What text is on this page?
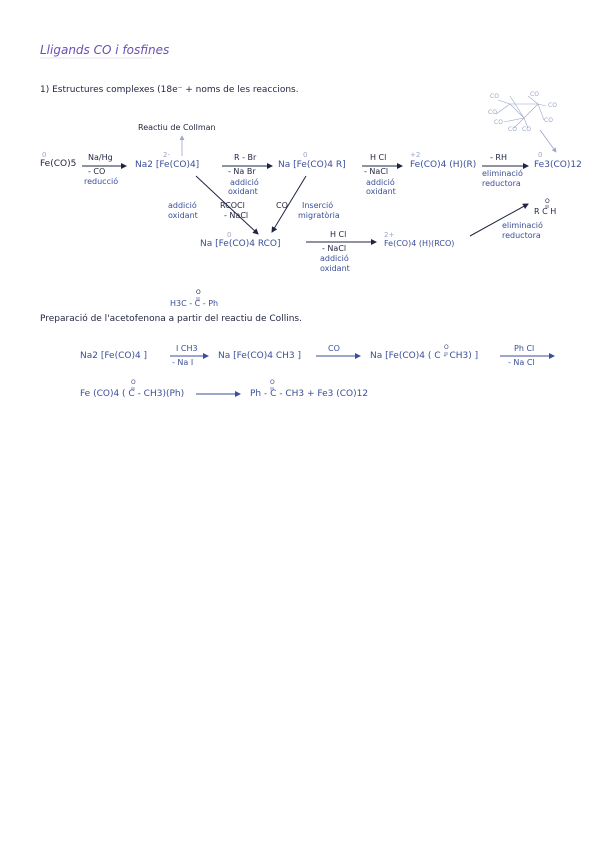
Lligands CO i fosfines
1) Estructures complexes (18e⁻ + noms de les reaccions.
Reactiu de Collman
Fe(CO)5	Na2 [Fe(CO)4]	Na [Fe(CO)4 R]	Fe(CO)4 (H)(R)	Fe3(CO)12
0	2-	0	+2	0
0	2+
Na/Hg
- CO
reducció
R - Br
- Na Br
addició
oxidant
H Cl
- NaCl
addició
oxidant
- RH
eliminació
reductora
CO	CO
CO
CO
CO
CO CO
CO
addició
oxidant
RCOCl
- NaCl
CO Inserció
migratòria
Na [Fe(CO)4 RCO]
H Cl
- NaCl
addició
oxidant
Fe(CO)4 (H)(RCO)
O
R C H
eliminació
reductora
O
H3C - C - Ph
Preparació de l'acetofenona a partir del reactiu de Collins.
Na2 [Fe(CO)4 ]
I CH3
- Na I
Na [Fe(CO)4 CH3 ]
CO	O
Na [Fe(CO)4 ( C - CH3) ]
Ph Cl
- Na Cl
O
Fe (CO)4 ( C - CH3)(Ph)
O
Ph - C - CH3 + Fe3 (CO)12
